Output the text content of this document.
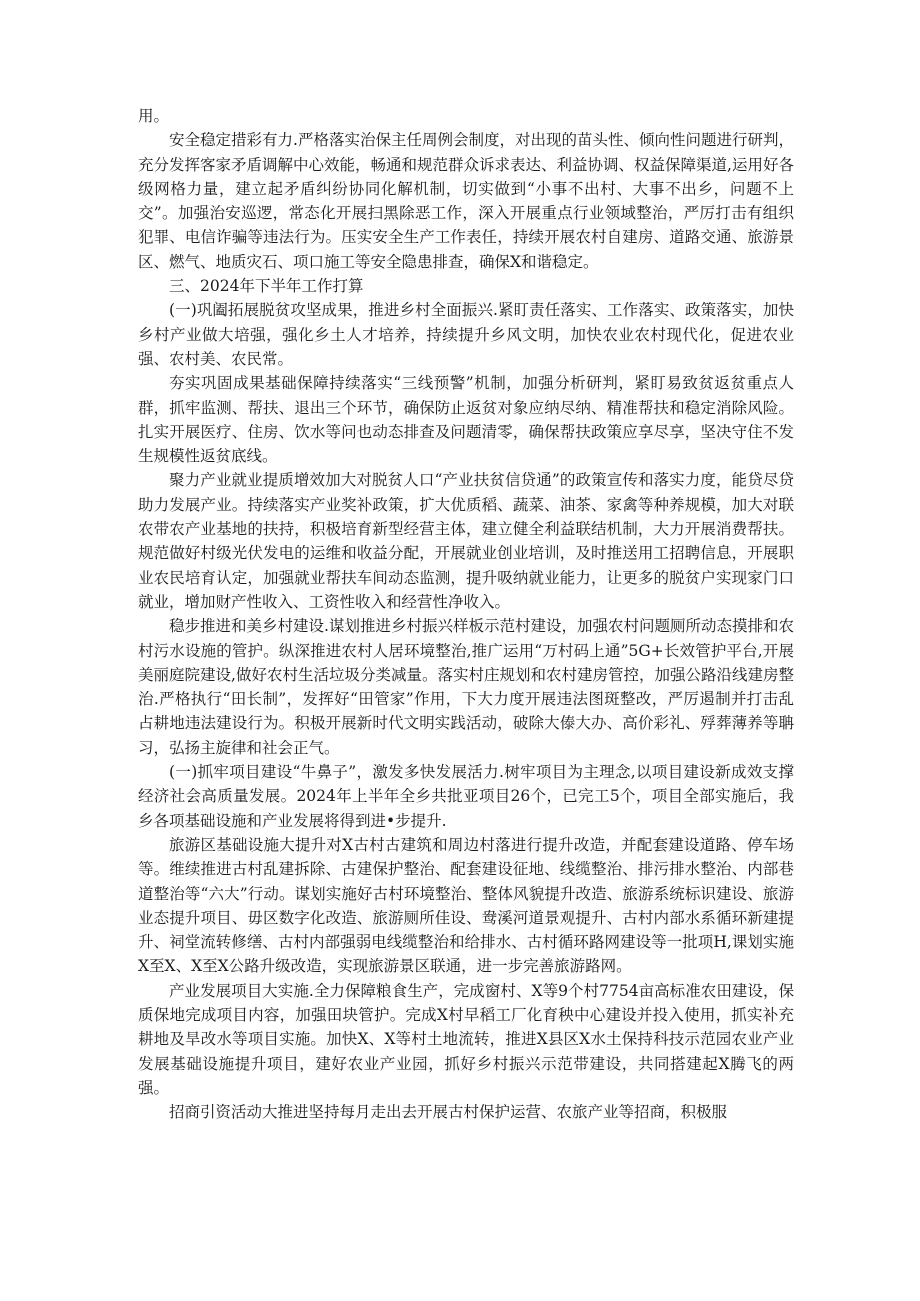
用。

安全稳定措彩有力.严格落实治保主任周例会制度，对出现的苗头性、倾向性问题进行研判，充分发挥客家矛盾调解中心效能，畅通和规范群众诉求表达、利益协调、权益保障渠道,运用好各级网格力量，建立起矛盾纠纷协同化解机制，切实做到“小事不出村、大事不出乡，问题不上交”。加强治安巡逻，常态化开展扫黑除恶工作，深入开展重点行业领域整治，严厉打击有组织犯罪、电信诈骗等违法行为。压实安全生产工作表任，持续开展农村自建房、道路交通、旅游景区、燃气、地质灾石、项口施工等安全隐患排查，确保X和谐稳定。

三、2024年下半年工作打算

(一)巩阖拓展脱贫攻坚成果，推进乡村全面振兴.紧盯责任落实、工作落实、政策落实，加快乡村产业做大培强，强化乡土人才培养，持续提升乡风文明，加快农业农村现代化，促进农业强、农村美、农民常。

夯实巩固成果基础保障持续落实“三线预警”机制，加强分析研判，紧盯易致贫返贫重点人群，抓牢监测、帮扶、退出三个环节，确保防止返贫对象应纳尽纳、精准帮扶和稳定消除风险。扎实开展医疗、住房、饮水等问也动态排查及问题清零，确保帮扶政策应享尽享，坚决守住不发生规模性返贫底线。

聚力产业就业提质增效加大对脱贫人口“产业扶贫信贷通”的政策宣传和落实力度，能贷尽贷助力发展产业。持续落实产业奖补政策，扩大优质稻、蔬菜、油茶、家禽等种养规模，加大对联农带农产业基地的扶持，积极培育新型经营主体，建立健全利益联结机制，大力开展消费帮扶。规范做好村级光伏发电的运维和收益分配，开展就业创业培训，及时推送用工招聘信息，开展职业农民培育认定，加强就业帮扶车间动态监测，提升吸纳就业能力，让更多的脱贫户实现家门口就业，增加财产性收入、工资性收入和经营性净收入。

稳步推进和美乡村建设.谋划推进乡村振兴样板示范村建设，加强农村问题厕所动态摸排和农村污水设施的管护。纵深推进农村人居环境整治,推广运用“万村码上通”5G+长效管护平台,开展美丽庭院建设,做好农村生活垃圾分类减量。落实村庄规划和农村建房管控，加强公路沿线建房整治.严格执行“田长制”，发挥好“田管家”作用，下大力度开展违法图斑整改，严厉遏制并打击乱占耕地违法建设行为。积极开展新时代文明实践活动，破除大傣大办、高价彩礼、殍葬薄养等聃习，弘扬主旋律和社会正气。

(一)抓牢项目建设“牛鼻子”，激发多快发展活力.树牢项目为主理念,以项目建设新成效支撑经济社会高质量发展。2024年上半年全乡共批亚项目26个，已完工5个，项目全部实施后，我乡各项基础设施和产业发展将得到进•步提升.

旅游区基础设施大提升对X古村古建筑和周边村落进行提升改造，并配套建设道路、停车场等。维续推进古村乱建拆除、古建保护整治、配套建设征地、线缆整治、排污排水整治、内部巷道整治等“六大”行动。谋划实施好古村环境整治、整体风貌提升改造、旅游系统标识建设、旅游业态提升项目、毋区数字化改造、旅游厕所佳设、鸯溪河道景观提升、古村内部水系循环新建提升、祠堂流转修缮、古村内部强弱电线缆整治和给排水、古村循环路网建设等一批项H,课划实施X至X、X至X公路升级改造，实现旅游景区联通，进一步完善旅游路网。

产业发展项目大实施.全力保障粮食生产，完成窗村、X等9个村7754亩高标准农田建设，保质保地完成项目内容，加强田块管护。完成X村早稻工厂化育秧中心建设并投入使用，抓实补充耕地及旱改水等项目实施。加快X、X等村土地流转，推进X县区X水土保持科技示范园农业产业发展基础设施提升项目，建好农业产业园，抓好乡村振兴示范带建设，共同搭建起X腾飞的两强。

招商引资活动大推进坚持每月走出去开展古村保护运营、农旅产业等招商，积极服
